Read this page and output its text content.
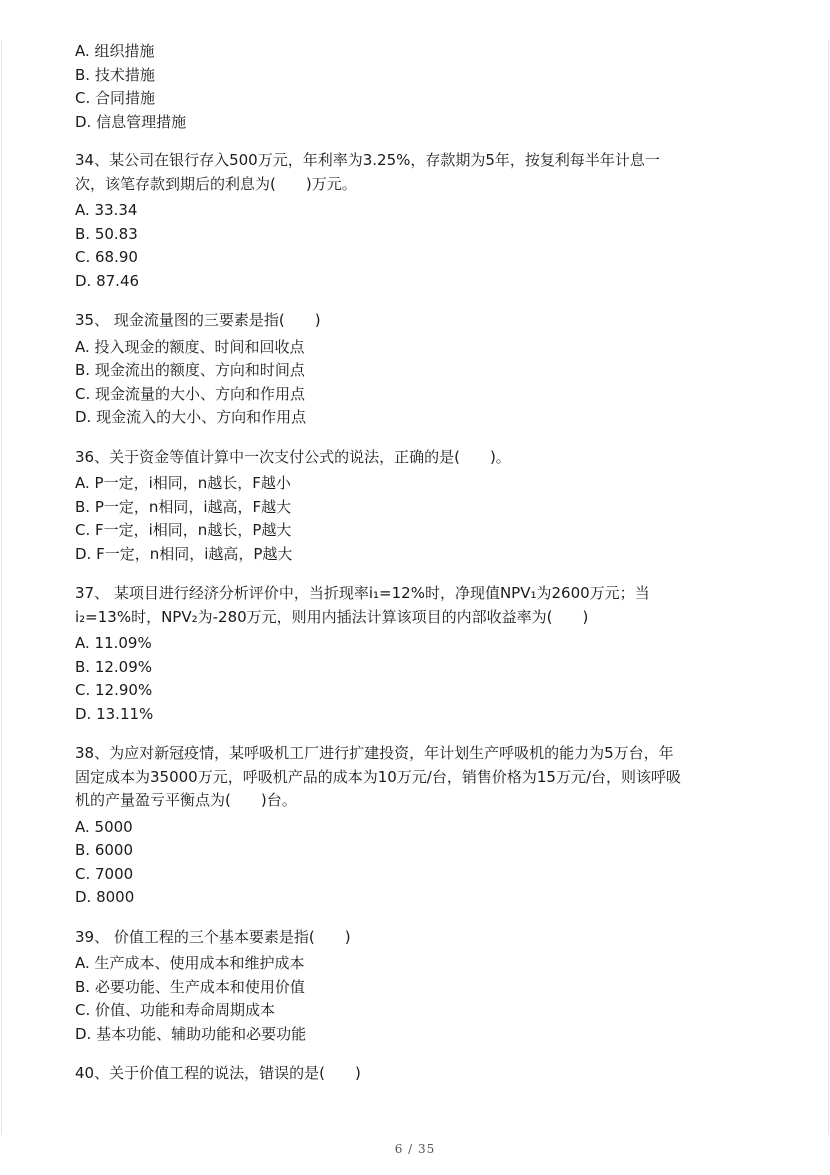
A. 组织措施

B. 技术措施

C. 合同措施

D. 信息管理措施

34、某公司在银行存入500万元，年利率为3.25%，存款期为5年，按复利每半年计息一
次，该笔存款到期后的利息为(　　)万元。

A. 33.34

B. 50.83

C. 68.90

D. 87.46

35、 现金流量图的三要素是指(　　)

A. 投入现金的额度、时间和回收点

B. 现金流出的额度、方向和时间点

C. 现金流量的大小、方向和作用点

D. 现金流入的大小、方向和作用点

36、关于资金等值计算中一次支付公式的说法，正确的是(　　)。

A. P一定，i相同，n越长，F越小

B. P一定，n相同，i越高，F越大

C. F一定，i相同，n越长，P越大

D. F一定，n相同，i越高，P越大

37、 某项目进行经济分析评价中，当折现率i₁=12%时，净现值NPV₁为2600万元；当
i₂=13%时，NPV₂为-280万元，则用内插法计算该项目的内部收益率为(　　)

A. 11.09%

B. 12.09%

C. 12.90%

D. 13.11%

38、为应对新冠疫情，某呼吸机工厂进行扩建投资，年计划生产呼吸机的能力为5万台，年
固定成本为35000万元，呼吸机产品的成本为10万元/台，销售价格为15万元/台，则该呼吸
机的产量盈亏平衡点为(　　)台。

A. 5000

B. 6000

C. 7000

D. 8000

39、 价值工程的三个基本要素是指(　　)

A. 生产成本、使用成本和维护成本

B. 必要功能、生产成本和使用价值

C. 价值、功能和寿命周期成本

D. 基本功能、辅助功能和必要功能

40、关于价值工程的说法，错误的是(　　)

6 / 35
